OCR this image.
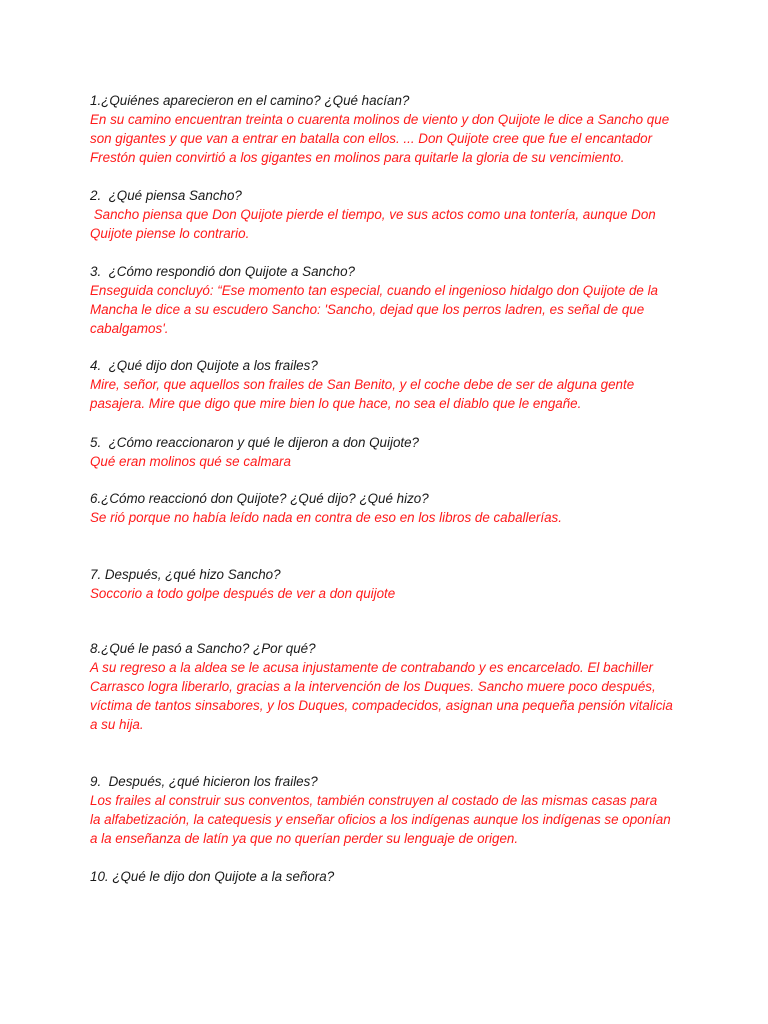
1.¿Quiénes aparecieron en el camino? ¿Qué hacían?
En su camino encuentran treinta o cuarenta molinos de viento y don Quijote le dice a Sancho que
son gigantes y que van a entrar en batalla con ellos. ... Don Quijote cree que fue el encantador
Frestón quien convirtió a los gigantes en molinos para quitarle la gloria de su vencimiento.
2.  ¿Qué piensa Sancho?
Sancho piensa que Don Quijote pierde el tiempo, ve sus actos como una tontería, aunque Don
Quijote piense lo contrario.
3.  ¿Cómo respondió don Quijote a Sancho?
Enseguida concluyó: “Ese momento tan especial, cuando el ingenioso hidalgo don Quijote de la
Mancha le dice a su escudero Sancho: 'Sancho, dejad que los perros ladren, es señal de que
cabalgamos'.
4.  ¿Qué dijo don Quijote a los frailes?
Mire, señor, que aquellos son frailes de San Benito, y el coche debe de ser de alguna gente
pasajera. Mire que digo que mire bien lo que hace, no sea el diablo que le engañe.
5.  ¿Cómo reaccionaron y qué le dijeron a don Quijote?
Qué eran molinos qué se calmara
6.¿Cómo reaccionó don Quijote? ¿Qué dijo? ¿Qué hizo?
Se rió porque no había leído nada en contra de eso en los libros de caballerías.
7. Después, ¿qué hizo Sancho?
Soccorio a todo golpe después de ver a don quijote
8.¿Qué le pasó a Sancho? ¿Por qué?
A su regreso a la aldea se le acusa injustamente de contrabando y es encarcelado. El bachiller
Carrasco logra liberarlo, gracias a la intervención de los Duques. Sancho muere poco después,
víctima de tantos sinsabores, y los Duques, compadecidos, asignan una pequeña pensión vitalicia
a su hija.
9.  Después, ¿qué hicieron los frailes?
Los frailes al construir sus conventos, también construyen al costado de las mismas casas para
la alfabetización, la catequesis y enseñar oficios a los indígenas aunque los indígenas se oponían
a la enseñanza de latín ya que no querían perder su lenguaje de origen.
10. ¿Qué le dijo don Quijote a la señora?
